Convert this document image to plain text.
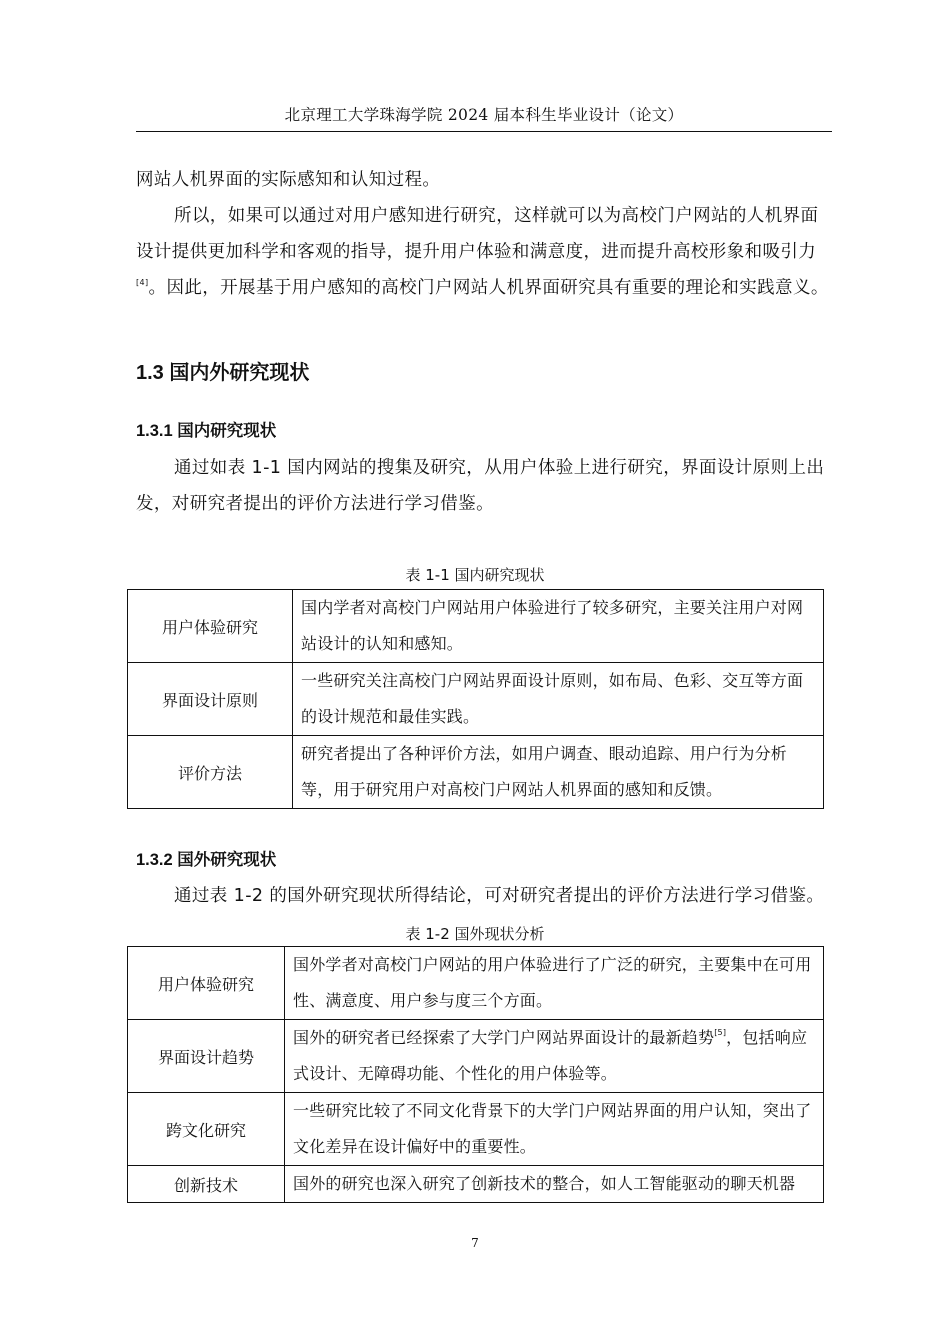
北京理工大学珠海学院 2024 届本科生毕业设计（论文）

网站人机界面的实际感知和认知过程。

所以，如果可以通过对用户感知进行研究，这样就可以为高校门户网站的人机界面设计提供更加科学和客观的指导，提升用户体验和满意度，进而提升高校形象和吸引力[4]。因此，开展基于用户感知的高校门户网站人机界面研究具有重要的理论和实践意义。

1.3 国内外研究现状
1.3.1 国内研究现状

通过如表 1-1 国内网站的搜集及研究，从用户体验上进行研究，界面设计原则上出发，对研究者提出的评价方法进行学习借鉴。

表 1-1 国内研究现状
用户体验研究	国内学者对高校门户网站用户体验进行了较多研究，主要关注用户对网站设计的认知和感知。
界面设计原则	一些研究关注高校门户网站界面设计原则，如布局、色彩、交互等方面的设计规范和最佳实践。
评价方法	研究者提出了各种评价方法，如用户调查、眼动追踪、用户行为分析等，用于研究用户对高校门户网站人机界面的感知和反馈。
1.3.2 国外研究现状

通过表 1-2 的国外研究现状所得结论，可对研究者提出的评价方法进行学习借鉴。

表 1-2 国外现状分析
用户体验研究	国外学者对高校门户网站的用户体验进行了广泛的研究，主要集中在可用性、满意度、用户参与度三个方面。
界面设计趋势	国外的研究者已经探索了大学门户网站界面设计的最新趋势[5]，包括响应式设计、无障碍功能、个性化的用户体验等。
跨文化研究	一些研究比较了不同文化背景下的大学门户网站界面的用户认知，突出了文化差异在设计偏好中的重要性。
创新技术	国外的研究也深入研究了创新技术的整合，如人工智能驱动的聊天机器
7
